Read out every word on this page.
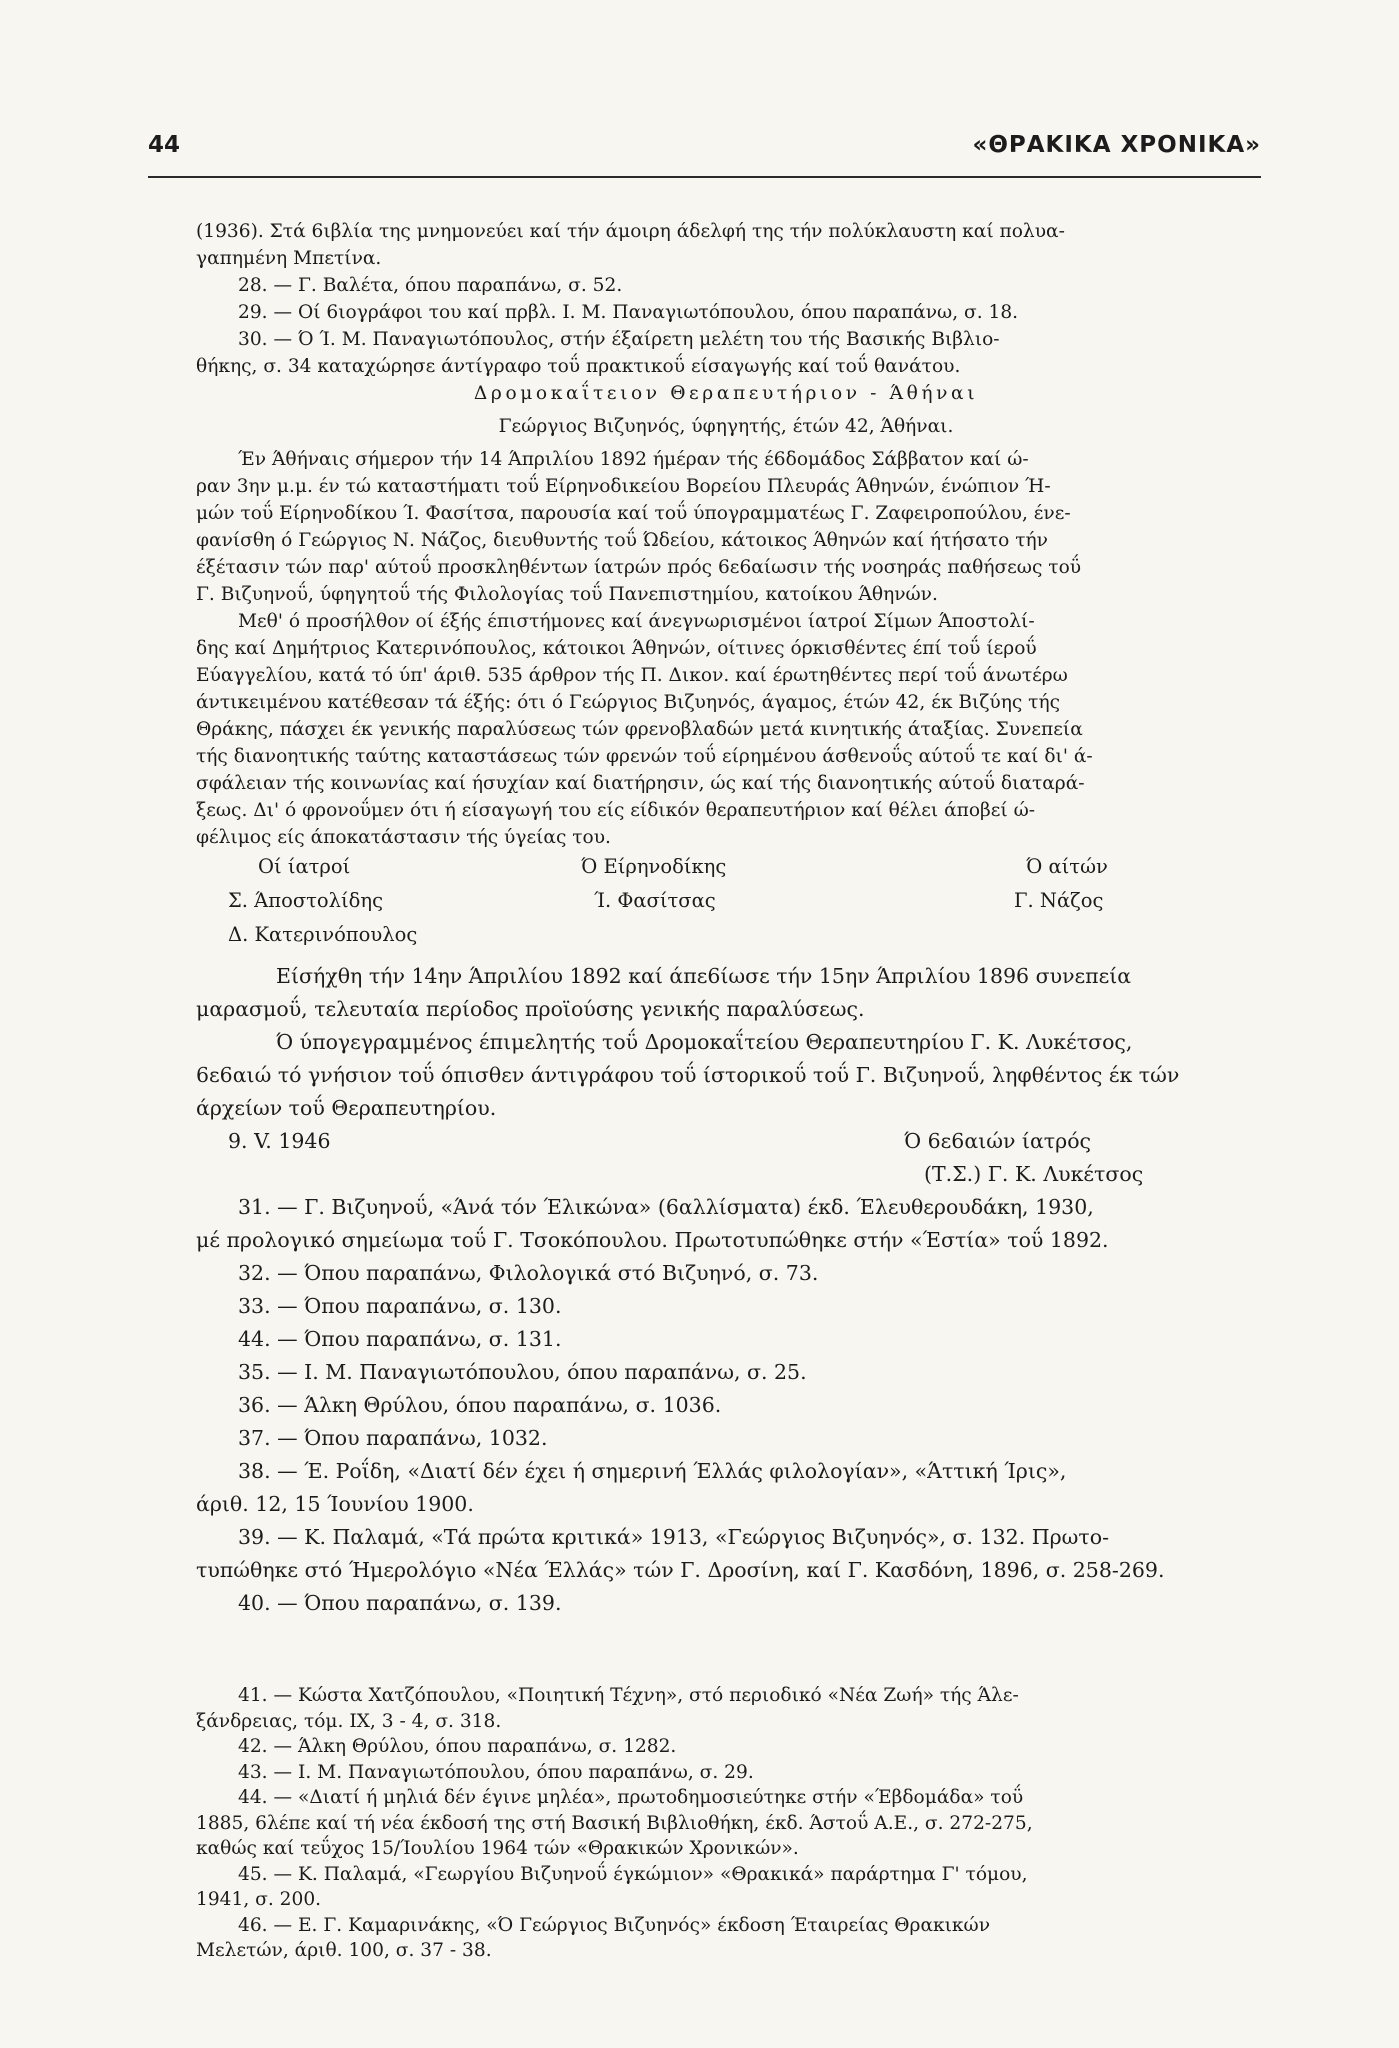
44	«ΘΡΑΚΙΚΑ ΧΡΟΝΙΚΑ»
(1936). Στά 6ιβλία της μνημονεύει καί τήν άμοιρη άδελφή της τήν πολύκλαυστη καί πολυα-
γαπημένη Μπετίνα.
28. — Γ. Βαλέτα, όπου παραπάνω, σ. 52.
29. — Οί 6ιογράφοι του καί πρβλ. Ι. Μ. Παναγιωτόπουλου, όπου παραπάνω, σ. 18.
30. — Ό Ί. Μ. Παναγιωτόπουλος, στήν έξαίρετη μελέτη του τής Βασικής Βιβλιο-
θήκης, σ. 34 καταχώρησε άντίγραφο τοΰ πρακτικοΰ είσαγωγής καί τοΰ θανάτου.
Δρομοκαΐτειον Θεραπευτήριον - Άθήναι
Γεώργιος Βιζυηνός, ύφηγητής, έτών 42, Άθήναι.
Έν Άθήναις σήμερον τήν 14 Άπριλίου 1892 ήμέραν τής έ6δομάδος Σάββατον καί ώ-
ραν 3ην μ.μ. έν τώ καταστήματι τοΰ Είρηνοδικείου Βορείου Πλευράς Άθηνών, ένώπιον Ή-
μών τοΰ Είρηνοδίκου Ί. Φασίτσα, παρουσία καί τοΰ ύπογραμματέως Γ. Ζαφειροπούλου, ένε-
φανίσθη ό Γεώργιος Ν. Νάζος, διευθυντής τοΰ Ώδείου, κάτοικος Άθηνών καί ήτήσατο τήν
έξέτασιν τών παρ' αύτοΰ προσκληθέντων ίατρών πρός 6ε6αίωσιν τής νοσηράς παθήσεως τοΰ
Γ. Βιζυηνοΰ, ύφηγητοΰ τής Φιλολογίας τοΰ Πανεπιστημίου, κατοίκου Άθηνών.
Μεθ' ό προσήλθον οί έξής έπιστήμονες καί άνεγνωρισμένοι ίατροί Σίμων Άποστολί-
δης καί Δημήτριος Κατερινόπουλος, κάτοικοι Άθηνών, οίτινες όρκισθέντες έπί τοΰ ίεροΰ
Εύαγγελίου, κατά τό ύπ' άριθ. 535 άρθρον τής Π. Δικον. καί έρωτηθέντες περί τοΰ άνωτέρω
άντικειμένου κατέθεσαν τά έξής: ότι ό Γεώργιος Βιζυηνός, άγαμος, έτών 42, έκ Βιζύης τής
Θράκης, πάσχει έκ γενικής παραλύσεως τών φρενοβλαδών μετά κινητικής άταξίας. Συνεπεία
τής διανοητικής ταύτης καταστάσεως τών φρενών τοΰ είρημένου άσθενοΰς αύτοΰ τε καί δι' ά-
σφάλειαν τής κοινωνίας καί ήσυχίαν καί διατήρησιν, ώς καί τής διανοητικής αύτοΰ διαταρά-
ξεως. Δι' ό φρονοΰμεν ότι ή είσαγωγή του είς είδικόν θεραπευτήριον καί θέλει άποβεί ώ-
φέλιμος είς άποκατάστασιν τής ύγείας του.
Οί ίατροί	Ό Είρηνοδίκης	Ό αίτών
Σ. Άποστολίδης	Ί. Φασίτσας	Γ. Νάζος
Δ. Κατερινόπουλος
Είσήχθη τήν 14ην Άπριλίου 1892 καί άπε6ίωσε τήν 15ην Άπριλίου 1896 συνεπεία
μαρασμοΰ, τελευταία περίοδος προϊούσης γενικής παραλύσεως.
Ό ύπογεγραμμένος έπιμελητής τοΰ Δρομοκαΐτείου Θεραπευτηρίου Γ. Κ. Λυκέτσος,
6ε6αιώ τό γνήσιον τοΰ όπισθεν άντιγράφου τοΰ ίστορικοΰ τοΰ Γ. Βιζυηνοΰ, ληφθέντος έκ τών
άρχείων τοΰ Θεραπευτηρίου.
9. V. 1946	Ό 6ε6αιών ίατρός
(Τ.Σ.) Γ. Κ. Λυκέτσος
31. — Γ. Βιζυηνοΰ, «Άνά τόν Έλικώνα» (6αλλίσματα) έκδ. Έλευθερουδάκη, 1930,
μέ προλογικό σημείωμα τοΰ Γ. Τσοκόπουλου. Πρωτοτυπώθηκε στήν «Έστία» τοΰ 1892.
32. — Όπου παραπάνω, Φιλολογικά στό Βιζυηνό, σ. 73.
33. — Όπου παραπάνω, σ. 130.
44. — Όπου παραπάνω, σ. 131.
35. — Ι. Μ. Παναγιωτόπουλου, όπου παραπάνω, σ. 25.
36. — Άλκη Θρύλου, όπου παραπάνω, σ. 1036.
37. — Όπου παραπάνω, 1032.
38. — Έ. Ροΐδη, «Διατί δέν έχει ή σημερινή Έλλάς φιλολογίαν», «Άττική Ίρις»,
άριθ. 12, 15 Ίουνίου 1900.
39. — Κ. Παλαμά, «Τά πρώτα κριτικά» 1913, «Γεώργιος Βιζυηνός», σ. 132. Πρωτο-
τυπώθηκε στό Ήμερολόγιο «Νέα Έλλάς» τών Γ. Δροσίνη, καί Γ. Κασδόνη, 1896, σ. 258-269.
40. — Όπου παραπάνω, σ. 139.
41. — Κώστα Χατζόπουλου, «Ποιητική Τέχνη», στό περιοδικό «Νέα Ζωή» τής Άλε-
ξάνδρειας, τόμ. ΙΧ, 3 - 4, σ. 318.
42. — Άλκη Θρύλου, όπου παραπάνω, σ. 1282.
43. — Ι. Μ. Παναγιωτόπουλου, όπου παραπάνω, σ. 29.
44. — «Διατί ή μηλιά δέν έγινε μηλέα», πρωτοδημοσιεύτηκε στήν «Έβδομάδα» τοΰ
1885, 6λέπε καί τή νέα έκδοσή της στή Βασική Βιβλιοθήκη, έκδ. Άστοΰ Α.Ε., σ. 272-275,
καθώς καί τεΰχος 15/Ίουλίου 1964 τών «Θρακικών Χρονικών».
45. — Κ. Παλαμά, «Γεωργίου Βιζυηνοΰ έγκώμιον» «Θρακικά» παράρτημα Γ' τόμου,
1941, σ. 200.
46. — Ε. Γ. Καμαρινάκης, «Ό Γεώργιος Βιζυηνός» έκδοση Έταιρείας Θρακικών
Μελετών, άριθ. 100, σ. 37 - 38.
